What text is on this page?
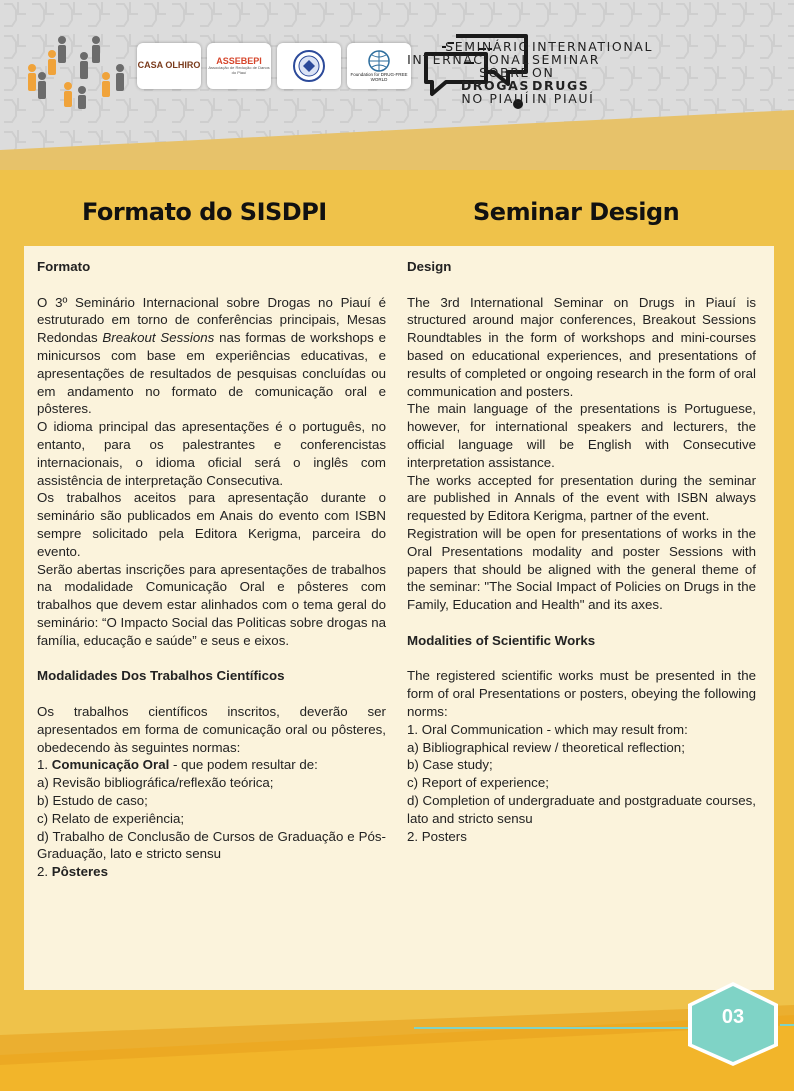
CASA OLHIRO ASSEBEPI
Associação de Redução de Danos do Piauí	Foundation for DRUG-FREE WORLD
SEMINÁRIO
INTERNACIONAL
SOBRE
DROGAS
NO PIAUÍ
INTERNATIONAL
SEMINAR
ON
DRUGS
IN PIAUÍ
Formato do SISDPI	Seminar Design

Formato

O 3º Seminário Internacional sobre Drogas no Piauí é estruturado em torno de conferências principais, Mesas Redondas Breakout Sessions nas formas de workshops e minicursos com base em experiências educativas, e apresentações de resultados de pesquisas concluídas ou em andamento no formato de comunicação oral e pôsteres.

O idioma principal das apresentações é o português, no entanto, para os palestrantes e conferencistas internacionais, o idioma oficial será o inglês com assistência de interpretação Consecutiva.

Os trabalhos aceitos para apresentação durante o seminário são publicados em Anais do evento com ISBN sempre solicitado pela Editora Kerigma, parceira do evento.

Serão abertas inscrições para apresentações de trabalhos na modalidade Comunicação Oral e pôsteres com trabalhos que devem estar alinhados com o tema geral do seminário: “O Impacto Social das Politicas sobre drogas na família, educação e saúde” e seus e eixos.

Modalidades Dos Trabalhos Científicos

Os trabalhos científicos inscritos, deverão ser apresentados em forma de comunicação oral ou pôsteres, obedecendo às seguintes normas:

1. Comunicação Oral - que podem resultar de:

a) Revisão bibliográfica/reflexão teórica;

b) Estudo de caso;

c) Relato de experiência;

d) Trabalho de Conclusão de Cursos de Graduação e Pós-Graduação, lato e stricto sensu

2. Pôsteres

Design

The 3rd International Seminar on Drugs in Piauí is structured around major conferences, Breakout Sessions Roundtables in the form of workshops and mini-courses based on educational experiences, and presentations of results of completed or ongoing research in the form of oral communication and posters.

The main language of the presentations is Portuguese, however, for international speakers and lecturers, the official language will be English with Consecutive interpretation assistance.

The works accepted for presentation during the seminar are published in Annals of the event with ISBN always requested by Editora Kerigma, partner of the event.

Registration will be open for presentations of works in the Oral Presentations modality and poster Sessions with papers that should be aligned with the general theme of the seminar: "The Social Impact of Policies on Drugs in the Family, Education and Health" and its axes.

Modalities of Scientific Works

The registered scientific works must be presented in the form of oral Presentations or posters, obeying the following norms:

1. Oral Communication - which may result from:

a) Bibliographical review / theoretical reflection;

b) Case study;

c) Report of experience;

d) Completion of undergraduate and postgraduate courses, lato and stricto sensu

2. Posters

03
